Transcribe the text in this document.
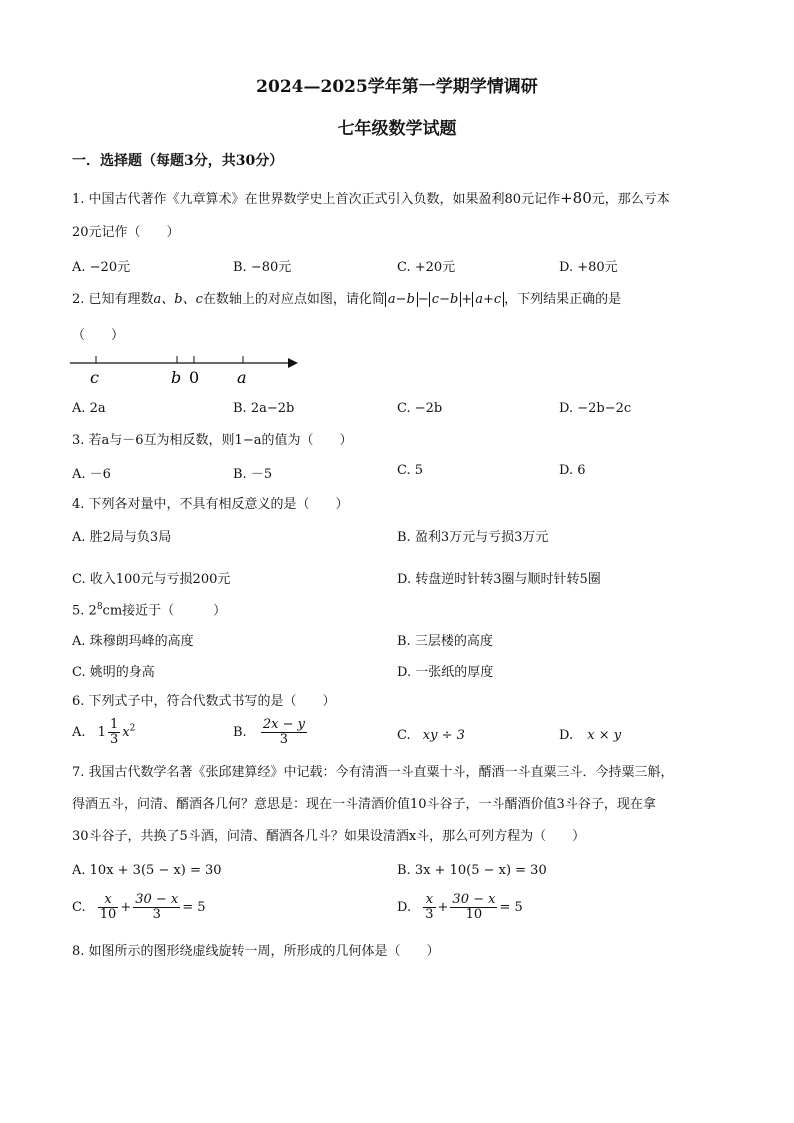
2024—2025学年第一学期学情调研
七年级数学试题
一．选择题（每题3分，共30分）
1. 中国古代著作《九章算术》在世界数学史上首次正式引入负数，如果盈利80元记作+80元，那么亏本
20元记作（　　）
A. −20元	B. −80元	C. +20元	D. +80元
2. 已知有理数a、b、c在数轴上的对应点如图，请化简 a−b − c−b + a+c ，下列结果正确的是
（　　）
c	b 0 a
A. 2a	B. 2a−2b	C. −2b	D. −2b−2c
3. 若a与－6互为相反数，则1−a的值为（　　）
A. －6	B. －5	C. 5	D. 6
4. 下列各对量中，不具有相反意义的是（　　）
A. 胜2局与负3局	B. 盈利3万元与亏损3万元
C. 收入100元与亏损200元	D. 转盘逆时针转3圈与顺时针转5圈
5. $2^8cm$接近于（　　　）
A. 珠穆朗玛峰的高度	B. 三层楼的高度
C. 姚明的身高	D. 一张纸的厚度
6. 下列式子中，符合代数式书写的是（　　）
A. $1 \frac{1}{3} x^2$	B. $\frac{2x - y}{3}$	C. xy ÷ 3	D. x × y
7. 我国古代数学名著《张邱建算经》中记载：今有清酒一斗直粟十斗，醑酒一斗直粟三斗．今持粟三斛，
得酒五斗，问清、醑酒各几何？意思是：现在一斗清酒价值10斗谷子，一斗醑酒价值3斗谷子，现在拿
30斗谷子，共换了5斗酒，问清、醑酒各几斗？如果设清酒x斗，那么可列方程为（　　）
A. 10x + 3(5 − x) = 30	B. 3x + 10(5 − x) = 30
C. $\frac{x}{10} + \frac{30 - x}{3} = 5$	D. $\frac{x}{3} + \frac{30 - x}{10} = 5$
8. 如图所示的图形绕虚线旋转一周，所形成的几何体是（　　）
